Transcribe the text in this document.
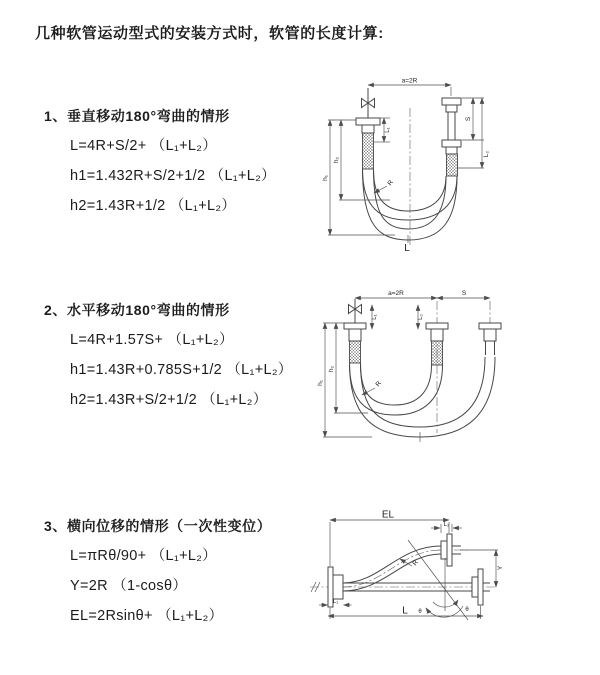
几种软管运动型式的安装方式时，软管的长度计算:
1、垂直移动180°弯曲的情形
L=4R+S/2+ （L₁+L₂）
h1=1.432R+S/2+1/2 （L₁+L₂）
h2=1.43R+1/2 （L₁+L₂）
2、水平移动180°弯曲的情形
L=4R+1.57S+ （L₁+L₂）
h1=1.43R+0.785S+1/2 （L₁+L₂）
h2=1.43R+S/2+1/2 （L₁+L₂）
3、横向位移的情形（一次性变位）
L=πRθ/90+ （L₁+L₂）
Y=2R （1-cosθ）
EL=2Rsinθ+ （L₁+L₂）
a=2R
h₁
h₂
S
L₂
L₁
R
L
a=2R	S
h₁
h₂
L₁	L₂
R
EL
L₂
Y
R
θ	θ
L₁
L
